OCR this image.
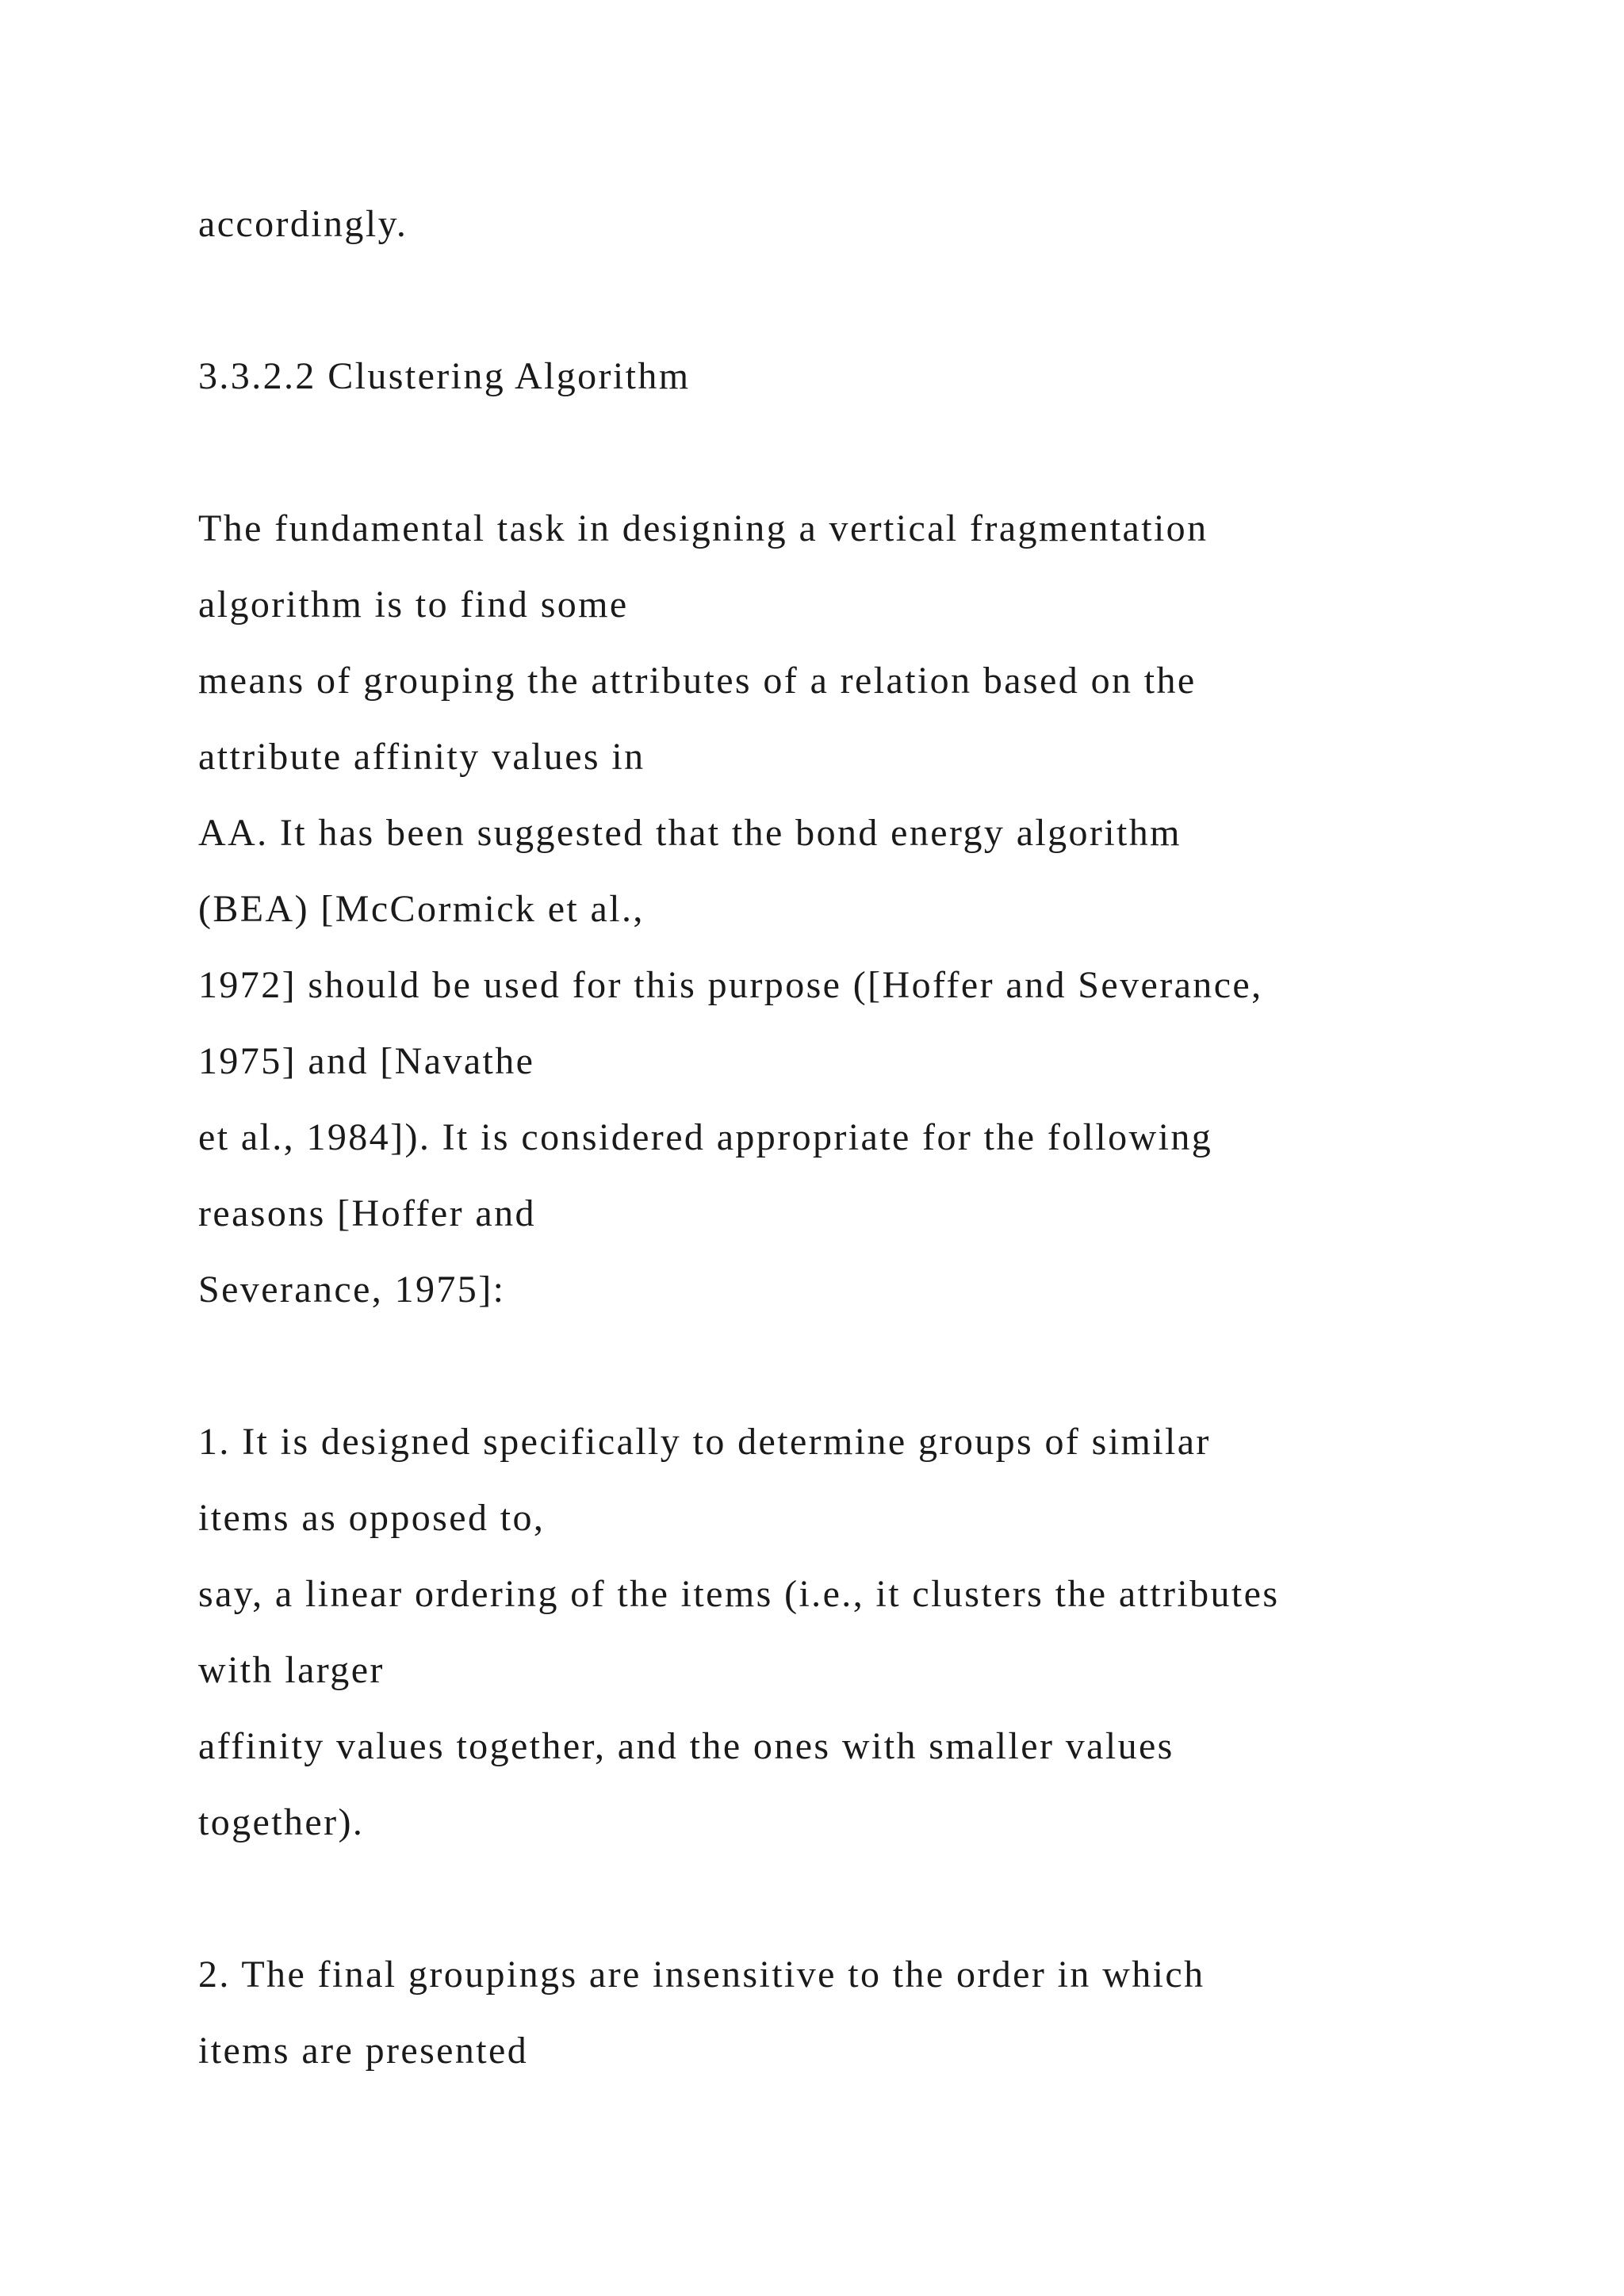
accordingly.
3.3.2.2 Clustering Algorithm
The fundamental task in designing a vertical fragmentation
algorithm is to find some
means of grouping the attributes of a relation based on the
attribute affinity values in
AA. It has been suggested that the bond energy algorithm
(BEA) [McCormick et al.,
1972] should be used for this purpose ([Hoffer and Severance,
1975] and [Navathe
et al., 1984]). It is considered appropriate for the following
reasons [Hoffer and
Severance, 1975]:
1. It is designed specifically to determine groups of similar
items as opposed to,
say, a linear ordering of the items (i.e., it clusters the attributes
with larger
affinity values together, and the ones with smaller values
together).
2. The final groupings are insensitive to the order in which
items are presented
